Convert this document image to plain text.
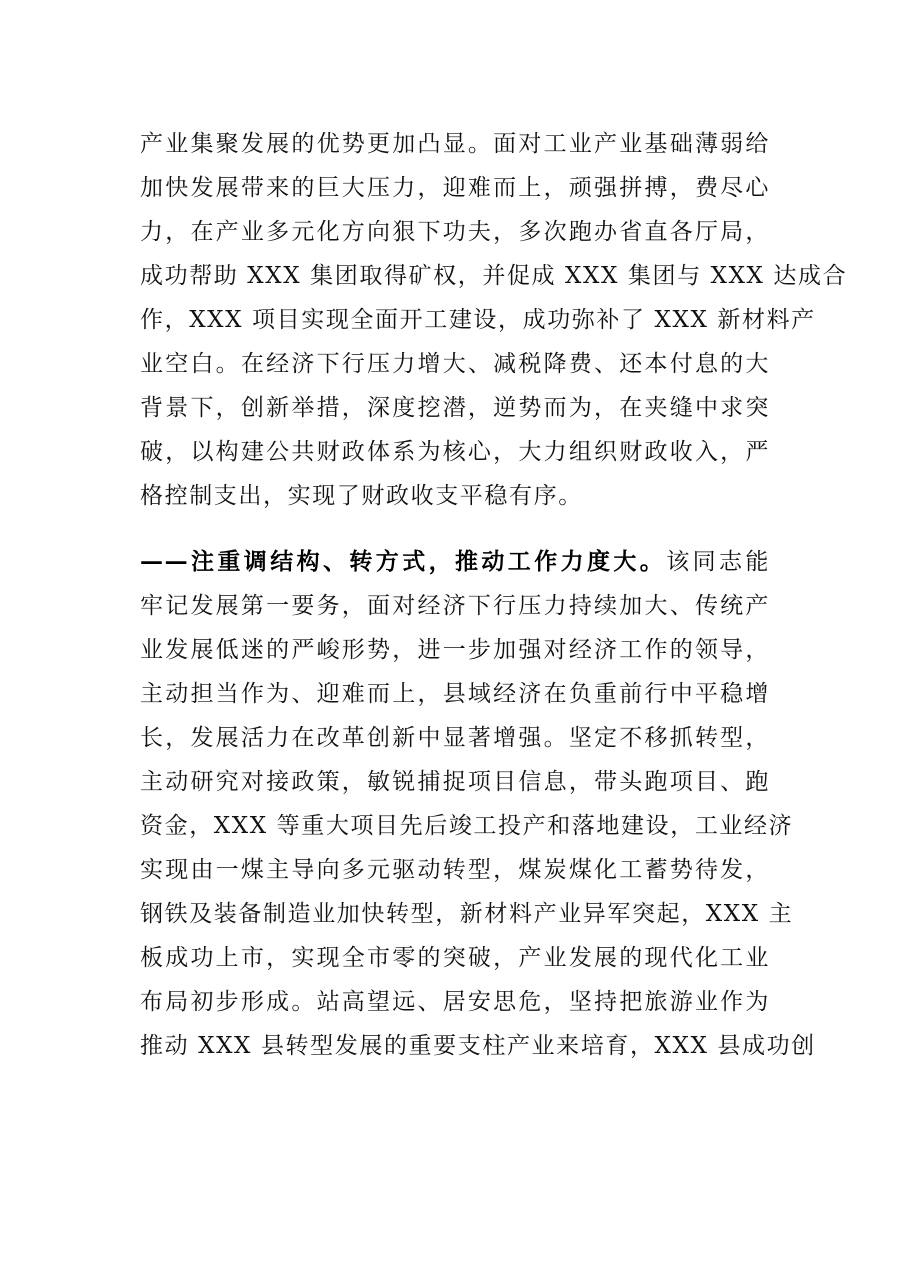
产业集聚发展的优势更加凸显。面对工业产业基础薄弱给
加快发展带来的巨大压力，迎难而上，顽强拼搏，费尽心
力，在产业多元化方向狠下功夫，多次跑办省直各厅局，
成功帮助 XXX 集团取得矿权，并促成 XXX 集团与 XXX 达成合
作，XXX 项目实现全面开工建设，成功弥补了 XXX 新材料产
业空白。在经济下行压力增大、减税降费、还本付息的大
背景下，创新举措，深度挖潜，逆势而为，在夹缝中求突
破，以构建公共财政体系为核心，大力组织财政收入，严
格控制支出，实现了财政收支平稳有序。
——注重调结构、转方式，推动工作力度大。该同志能
牢记发展第一要务，面对经济下行压力持续加大、传统产
业发展低迷的严峻形势，进一步加强对经济工作的领导，
主动担当作为、迎难而上，县域经济在负重前行中平稳增
长，发展活力在改革创新中显著增强。坚定不移抓转型，
主动研究对接政策，敏锐捕捉项目信息，带头跑项目、跑
资金，XXX 等重大项目先后竣工投产和落地建设，工业经济
实现由一煤主导向多元驱动转型，煤炭煤化工蓄势待发，
钢铁及装备制造业加快转型，新材料产业异军突起，XXX 主
板成功上市，实现全市零的突破，产业发展的现代化工业
布局初步形成。站高望远、居安思危，坚持把旅游业作为
推动 XXX 县转型发展的重要支柱产业来培育，XXX 县成功创
